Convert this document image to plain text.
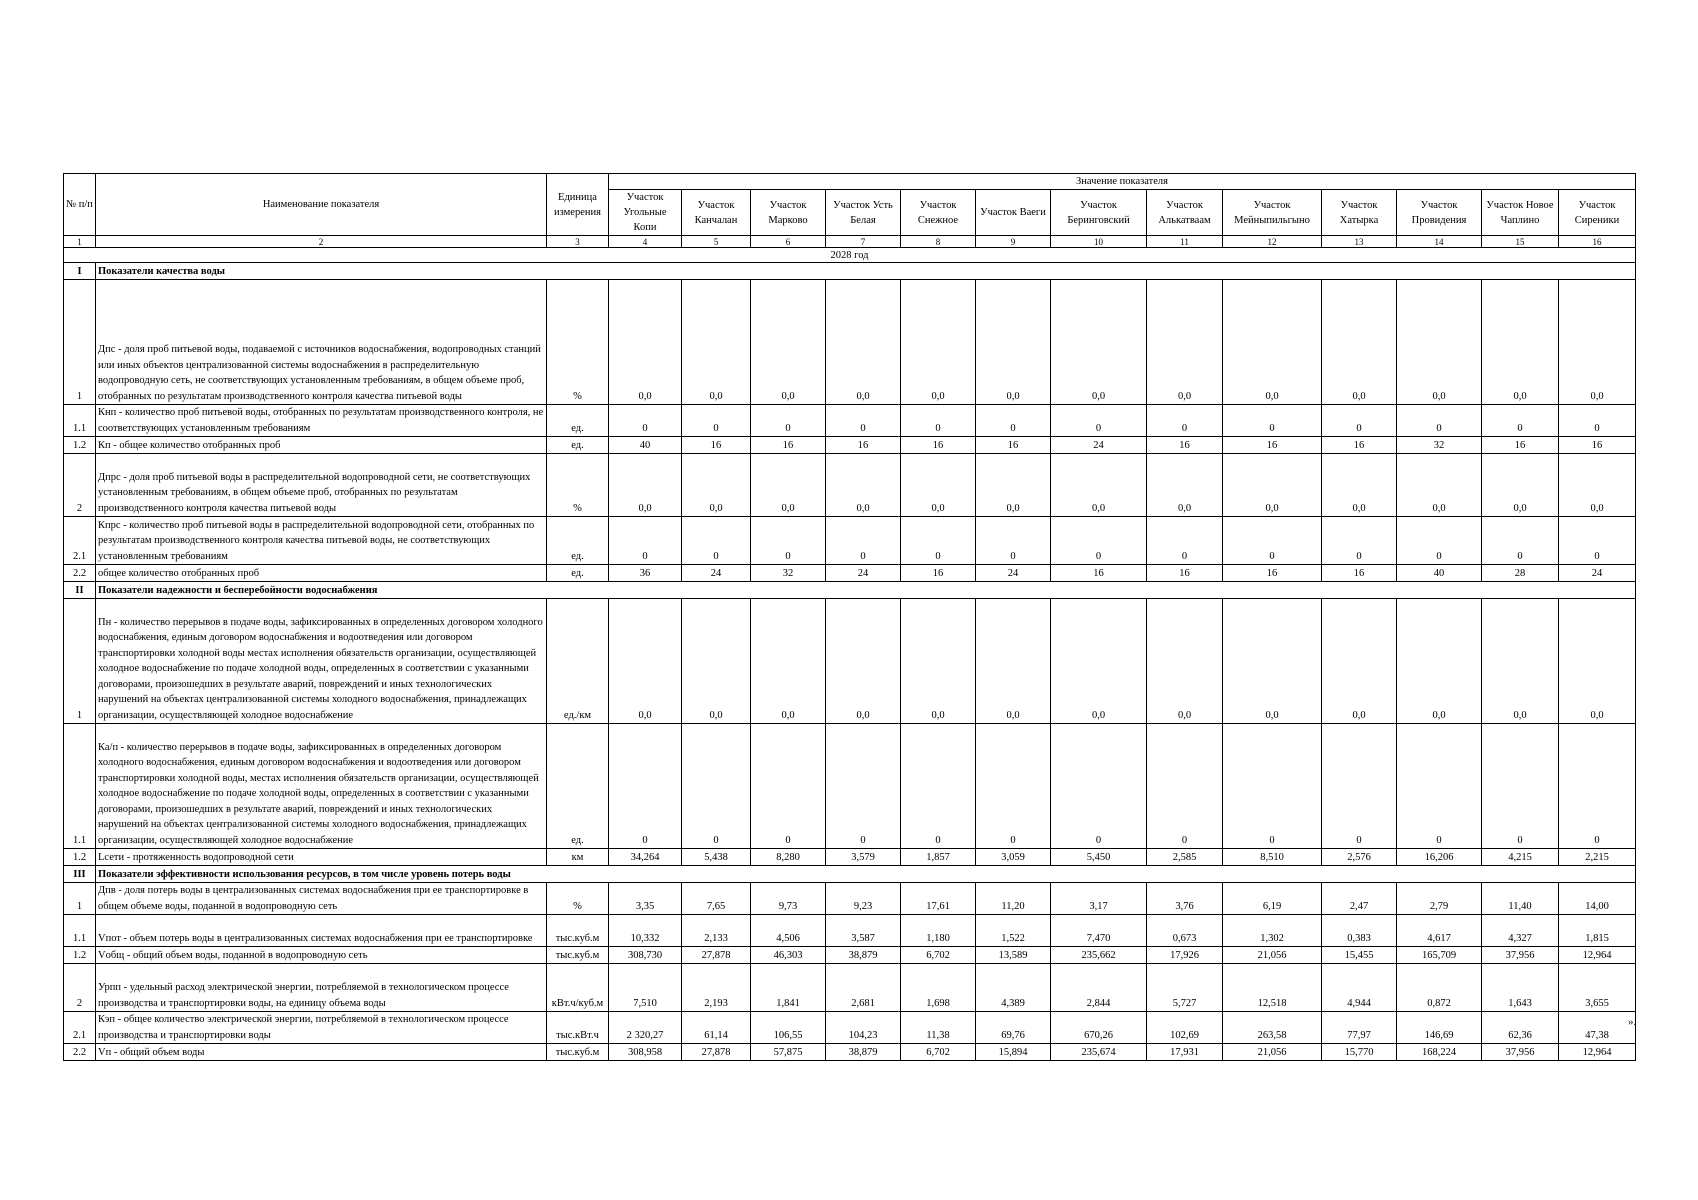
№ п/п	Наименование показателя	Единица измерения	Значение показателя												
			Участок Угольные Копи	Участок Канчалан	Участок Марково	Участок Усть Белая	Участок Снежное	Участок Ваеги	Участок Беринговский	Участок Алькатваам	Участок Мейныпильгыно	Участок Хатырка	Участок Провидения	Участок Новое Чаплино	Участок Сиреники
1	2	3	4	5	6	7	8	9	10	11	12	13	14	15	16
2028 год															
I	Показатели качества воды														
1	Дпс - доля проб питьевой воды, подаваемой с источников водоснабжения, водопроводных станций или иных объектов централизованной системы водоснабжения в распределительную водопроводную сеть, не соответствующих установленным требованиям, в общем объеме проб, отобранных по результатам производственного контроля качества питьевой воды	%	0,0	0,0	0,0	0,0	0,0	0,0	0,0	0,0	0,0	0,0	0,0	0,0	0,0
1.1	Кнп - количество проб питьевой воды, отобранных по результатам производственного контроля, не соответствующих установленным требованиям	ед.	0	0	0	0	0	0	0	0	0	0	0	0	0
1.2	Кп - общее количество отобранных проб	ед.	40	16	16	16	16	16	24	16	16	16	32	16	16
2	Дпрс - доля проб питьевой воды в распределительной водопроводной сети, не соответствующих установленным требованиям, в общем объеме проб, отобранных по результатам производственного контроля качества питьевой воды	%	0,0	0,0	0,0	0,0	0,0	0,0	0,0	0,0	0,0	0,0	0,0	0,0	0,0
2.1	Кпрс - количество проб питьевой воды в распределительной водопроводной сети, отобранных по результатам производственного контроля качества питьевой воды, не соответствующих установленным требованиям	ед.	0	0	0	0	0	0	0	0	0	0	0	0	0
2.2	общее количество отобранных проб	ед.	36	24	32	24	16	24	16	16	16	16	40	28	24
II	Показатели надежности и бесперебойности водоснабжения														
1	Пн - количество перерывов в подаче воды, зафиксированных в определенных договором холодного водоснабжения, единым договором водоснабжения и водоотведения или договором транспортировки холодной воды местах исполнения обязательств организации, осуществляющей холодное водоснабжение по подаче холодной воды, определенных в соответствии с указанными договорами, произошедших в результате аварий, повреждений и иных технологических нарушений на объектах централизованной системы холодного водоснабжения, принадлежащих организации, осуществляющей холодное водоснабжение	ед./км	0,0	0,0	0,0	0,0	0,0	0,0	0,0	0,0	0,0	0,0	0,0	0,0	0,0
1.1	Ка/п - количество перерывов в подаче воды, зафиксированных в определенных договором холодного водоснабжения, единым договором водоснабжения и водоотведения или договором транспортировки холодной воды, местах исполнения обязательств организации, осуществляющей холодное водоснабжение по подаче холодной воды, определенных в соответствии с указанными договорами, произошедших в результате аварий, повреждений и иных технологических нарушений на объектах централизованной системы холодного водоснабжения, принадлежащих организации, осуществляющей холодное водоснабжение	ед.	0	0	0	0	0	0	0	0	0	0	0	0	0
1.2	Lсети - протяженность водопроводной сети	км	34,264	5,438	8,280	3,579	1,857	3,059	5,450	2,585	8,510	2,576	16,206	4,215	2,215
III	Показатели эффективности использования ресурсов, в том числе уровень потерь воды														
1	Дпв - доля потерь воды в централизованных системах водоснабжения при ее транспортировке в общем объеме воды, поданной в водопроводную сеть	%	3,35	7,65	9,73	9,23	17,61	11,20	3,17	3,76	6,19	2,47	2,79	11,40	14,00
1.1	Vпот - объем потерь воды в централизованных системах водоснабжения при ее транспортировке	тыс.куб.м	10,332	2,133	4,506	3,587	1,180	1,522	7,470	0,673	1,302	0,383	4,617	4,327	1,815
1.2	Vобщ - общий объем воды, поданной в водопроводную сеть	тыс.куб.м	308,730	27,878	46,303	38,879	6,702	13,589	235,662	17,926	21,056	15,455	165,709	37,956	12,964
2	Урпп - удельный расход электрической энергии, потребляемой в технологическом процессе производства и транспортировки воды, на единицу объема воды	кВт.ч/куб.м	7,510	2,193	1,841	2,681	1,698	4,389	2,844	5,727	12,518	4,944	0,872	1,643	3,655
2.1	Кэп - общее количество электрической энергии, потребляемой в технологическом процессе производства и транспортировки воды	тыс.кВт.ч	2 320,27	61,14	106,55	104,23	11,38	69,76	670,26	102,69	263,58	77,97	146,69	62,36	47,38
2.2	Vп - общий объем воды	тыс.куб.м	308,958	27,878	57,875	38,879	6,702	15,894	235,674	17,931	21,056	15,770	168,224	37,956	12,964
».
